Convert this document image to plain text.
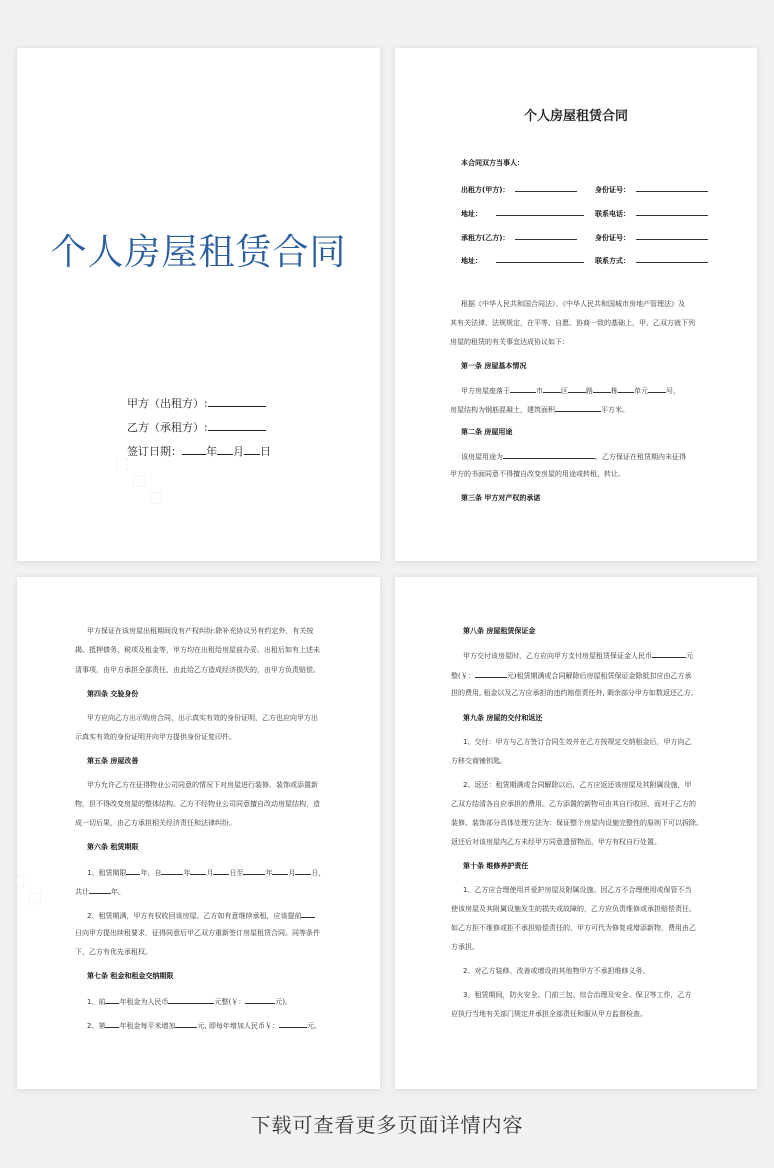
个人房屋租赁合同
甲方（出租方）:
乙方（承租方）:
签订日期： 年 月 日
个人房屋租赁合同
本合同双方当事人：
出租方(甲方)：	身份证号：
地址：	联系电话：
承租方(乙方)：	身份证号：
地址：	联系方式：
根据《中华人民共和国合同法》、《中华人民共和国城市房地产管理法》及
其有关法律、法规规定，在平等、自愿、协商一致的基础上，甲、乙双方就下列
房屋的租赁的有关事宜达成协议如下：
第一条 房屋基本情况
甲方房屋座落于	市	区	路	栋 单元	号，
房屋结构为钢筋混凝土，建筑面积	平方米。
第二条 房屋用途
该房屋用途为	。乙方保证在租赁期内未征得
甲方的书面同意不得擅自改变房屋的用途或转租、转让。
第三条 甲方对产权的承诺
甲方保证在该房屋出租期间没有产权纠纷:除补充协议另有约定外，有关按
揭、抵押债务、税项及租金等，甲方均在出租给房屋前办妥。出租后如有上述未
清事项，由甲方承担全部责任，由此给乙方造成经济损失的，由甲方负责赔偿。
第四条 交验身份
甲方应向乙方出示购房合同，出示真实有效的身份证明，乙方也应向甲方出
示真实有效的身份证明并向甲方提供身份证复印件。
第五条 房屋改善
甲方允许乙方在征得物业公司同意的情况下对房屋进行装修、装饰或添置新
物，但不得改变房屋的整体结构。乙方不经物业公司同意擅自改动房屋结构，造
成一切后果，由乙方承担相关经济责任和法律纠纷。
第六条 租赁期限
1、租赁期限 年，自	年 月 日至	年 月 日，
共计	年。
2、租赁期满，甲方有权收回该房屋。乙方如有意继续承租，应该提前
日向甲方提出续租要求，征得同意后甲乙双方重新签订房屋租赁合同。同等条件
下，乙方有优先承租权。
第七条 租金和租金交纳期限
1、前 年租金为人民币	元整(￥：	元)。
2、第 年租金每平米增加	元, 即每年增加人民币￥：	元。
第八条 房屋租赁保证金
甲方交付该房屋时，乙方应向甲方支付房屋租赁保证金人民币	元
整(￥：	元)租赁期满或合同解除后房屋租赁保证金除抵扣应由乙方承
担的费用, 租金以及乙方应承担的违约赔偿责任外, 剩余部分甲方如数返还乙方。
第九条 房屋的交付和返还
1、交付：甲方与乙方签订合同生效并在乙方按规定交纳租金后，甲方向乙
方移交商铺钥匙。
2、返还：租赁期满或合同解除以后，乙方应返还该房屋及其附属设施，甲
乙双方结清各自应承担的费用。乙方添置的新物可由其自行收回，而对于乙方的
装修、装饰部分具体处理方法为：保证整个房屋内设施完整性的原则下可以拆除。
返还后对该房屋内乙方未经甲方同意遗留物品，甲方有权自行处置。
第十条 维修养护责任
1、乙方应合理使用并爱护房屋及附属设施。因乙方不合理使用或保管不当
使该房屋及其附属设施发生的损失或故障的，乙方应负责维修或承担赔偿责任。
如乙方拒不维修或拒不承担赔偿责任的，甲方可代为修复或增添新物，费用由乙
方承担。
2、对乙方装修、改善或增设的其他物甲方不承担维修义务。
3、租赁期间，防火安全、门前三包、综合治理及安全、保卫等工作，乙方
应执行当地有关部门规定并承担全部责任和服从甲方监督检查。
下载可查看更多页面详情内容
